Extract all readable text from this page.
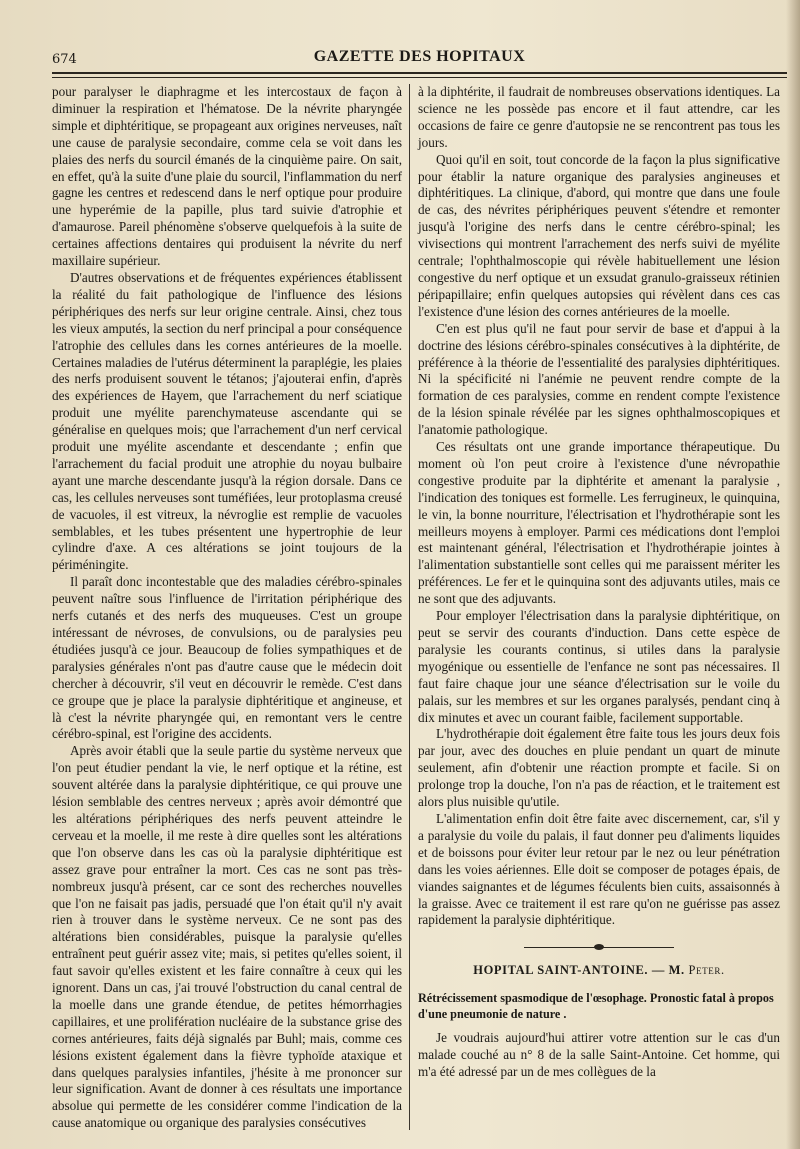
674	GAZETTE DES HOPITAUX

pour paralyser le diaphragme et les intercostaux de façon à diminuer la respiration et l'hématose. De la névrite pharyngée simple et diphtéritique, se propageant aux origines nerveuses, naît une cause de paralysie secondaire, comme cela se voit dans les plaies des nerfs du sourcil émanés de la cinquième paire. On sait, en effet, qu'à la suite d'une plaie du sourcil, l'inflammation du nerf gagne les centres et redescend dans le nerf optique pour produire une hyperémie de la papille, plus tard suivie d'atrophie et d'amaurose. Pareil phénomène s'observe quelquefois à la suite de certaines affections dentaires qui produisent la névrite du nerf maxillaire supérieur.

D'autres observations et de fréquentes expériences établissent la réalité du fait pathologique de l'influence des lésions périphériques des nerfs sur leur origine centrale. Ainsi, chez tous les vieux amputés, la section du nerf principal a pour conséquence l'atrophie des cellules dans les cornes antérieures de la moelle. Certaines maladies de l'utérus déterminent la paraplégie, les plaies des nerfs produisent souvent le tétanos; j'ajouterai enfin, d'après des expériences de Hayem, que l'arrachement du nerf sciatique produit une myélite parenchymateuse ascendante qui se généralise en quelques mois; que l'arrachement d'un nerf cervical produit une myélite ascendante et descendante ; enfin que l'arrachement du facial produit une atrophie du noyau bulbaire ayant une marche descendante jusqu'à la région dorsale. Dans ce cas, les cellules nerveuses sont tuméfiées, leur protoplasma creusé de vacuoles, il est vitreux, la névroglie est remplie de vacuoles semblables, et les tubes présentent une hypertrophie de leur cylindre d'axe. A ces altérations se joint toujours de la périméningite.

Il paraît donc incontestable que des maladies cérébro-spinales peuvent naître sous l'influence de l'irritation périphérique des nerfs cutanés et des nerfs des muqueuses. C'est un groupe intéressant de névroses, de convulsions, ou de paralysies peu étudiées jusqu'à ce jour. Beaucoup de folies sympathiques et de paralysies générales n'ont pas d'autre cause que le médecin doit chercher à découvrir, s'il veut en découvrir le remède. C'est dans ce groupe que je place la paralysie diphtéritique et angineuse, et là c'est la névrite pharyngée qui, en remontant vers le centre cérébro-spinal, est l'origine des accidents.

Après avoir établi que la seule partie du système nerveux que l'on peut étudier pendant la vie, le nerf optique et la rétine, est souvent altérée dans la paralysie diphtéritique, ce qui prouve une lésion semblable des centres nerveux ; après avoir démontré que les altérations périphériques des nerfs peuvent atteindre le cerveau et la moelle, il me reste à dire quelles sont les altérations que l'on observe dans les cas où la paralysie diphtéritique est assez grave pour entraîner la mort. Ces cas ne sont pas très-nombreux jusqu'à présent, car ce sont des recherches nouvelles que l'on ne faisait pas jadis, persuadé que l'on était qu'il n'y avait rien à trouver dans le système nerveux. Ce ne sont pas des altérations bien considérables, puisque la paralysie qu'elles entraînent peut guérir assez vite; mais, si petites qu'elles soient, il faut savoir qu'elles existent et les faire connaître à ceux qui les ignorent. Dans un cas, j'ai trouvé l'obstruction du canal central de la moelle dans une grande étendue, de petites hémorrhagies capillaires, et une prolifération nucléaire de la substance grise des cornes antérieures, faits déjà signalés par Buhl; mais, comme ces lésions existent également dans la fièvre typhoïde ataxique et dans quelques paralysies infantiles, j'hésite à me prononcer sur leur signification. Avant de donner à ces résultats une importance absolue qui permette de les considérer comme l'indication de la cause anatomique ou organique des paralysies consécutives

à la diphtérite, il faudrait de nombreuses observations identiques. La science ne les possède pas encore et il faut attendre, car les occasions de faire ce genre d'autopsie ne se rencontrent pas tous les jours.

Quoi qu'il en soit, tout concorde de la façon la plus significative pour établir la nature organique des paralysies angineuses et diphtéritiques. La clinique, d'abord, qui montre que dans une foule de cas, des névrites périphériques peuvent s'étendre et remonter jusqu'à l'origine des nerfs dans le centre cérébro-spinal; les vivisections qui montrent l'arrachement des nerfs suivi de myélite centrale; l'ophthalmoscopie qui révèle habituellement une lésion congestive du nerf optique et un exsudat granulo-graisseux rétinien péripapillaire; enfin quelques autopsies qui révèlent dans ces cas l'existence d'une lésion des cornes antérieures de la moelle.

C'en est plus qu'il ne faut pour servir de base et d'appui à la doctrine des lésions cérébro-spinales consécutives à la diphtérite, de préférence à la théorie de l'essentialité des paralysies diphtéritiques. Ni la spécificité ni l'anémie ne peuvent rendre compte de la formation de ces paralysies, comme en rendent compte l'existence de la lésion spinale révélée par les signes ophthalmoscopiques et l'anatomie pathologique.

Ces résultats ont une grande importance thérapeutique. Du moment où l'on peut croire à l'existence d'une névropathie congestive produite par la diphtérite et amenant la paralysie , l'indication des toniques est formelle. Les ferrugineux, le quinquina, le vin, la bonne nourriture, l'électrisation et l'hydrothérapie sont les meilleurs moyens à employer. Parmi ces médications dont l'emploi est maintenant général, l'électrisation et l'hydrothérapie jointes à l'alimentation substantielle sont celles qui me paraissent mériter les préférences. Le fer et le quinquina sont des adjuvants utiles, mais ce ne sont que des adjuvants.

Pour employer l'électrisation dans la paralysie diphtéritique, on peut se servir des courants d'induction. Dans cette espèce de paralysie les courants continus, si utiles dans la paralysie myogénique ou essentielle de l'enfance ne sont pas nécessaires. Il faut faire chaque jour une séance d'électrisation sur le voile du palais, sur les membres et sur les organes paralysés, pendant cinq à dix minutes et avec un courant faible, facilement supportable.

L'hydrothérapie doit également être faite tous les jours deux fois par jour, avec des douches en pluie pendant un quart de minute seulement, afin d'obtenir une réaction prompte et facile. Si on prolonge trop la douche, l'on n'a pas de réaction, et le traitement est alors plus nuisible qu'utile.

L'alimentation enfin doit être faite avec discernement, car, s'il y a paralysie du voile du palais, il faut donner peu d'aliments liquides et de boissons pour éviter leur retour par le nez ou leur pénétration dans les voies aériennes. Elle doit se composer de potages épais, de viandes saignantes et de légumes féculents bien cuits, assaisonnés à la graisse. Avec ce traitement il est rare qu'on ne guérisse pas assez rapidement la paralysie diphtéritique.

HOPITAL SAINT-ANTOINE. — M. Peter.
Rétrécissement spasmodique de l'œsophage. Pronostic fatal à propos d'une pneumonie de nature .

Je voudrais aujourd'hui attirer votre attention sur le cas d'un malade couché au n° 8 de la salle Saint-Antoine. Cet homme, qui m'a été adressé par un de mes collègues de la
